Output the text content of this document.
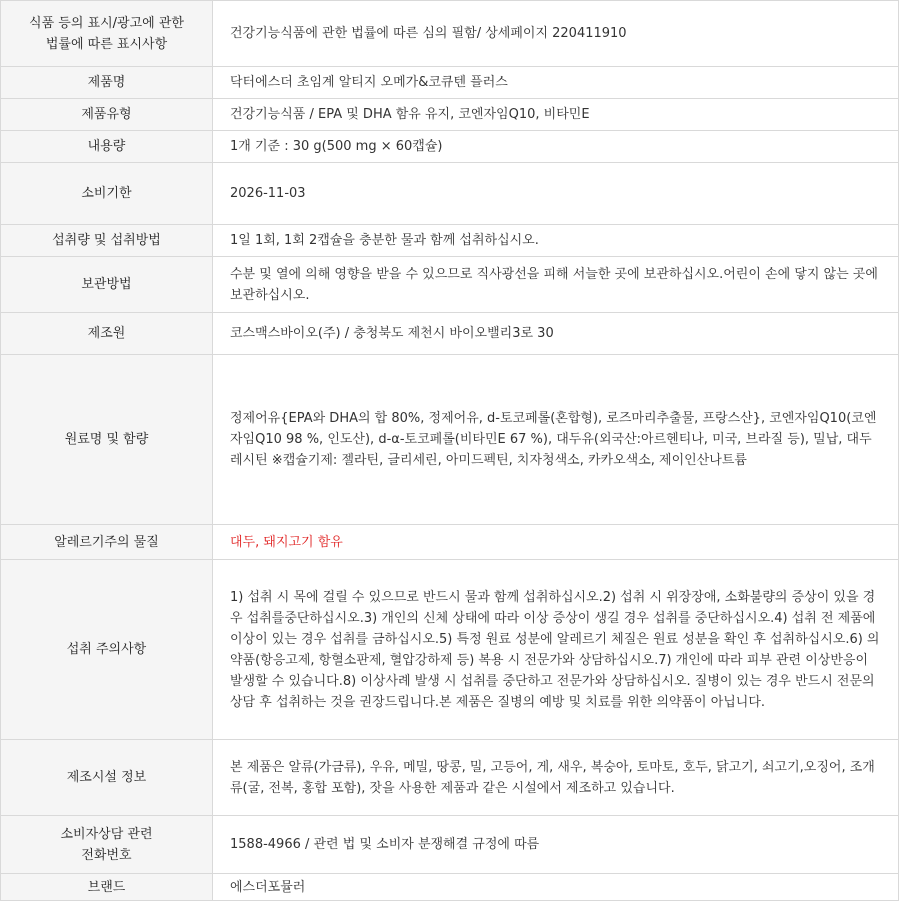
식품 등의 표시/광고에 관한
법률에 따른 표시사항	건강기능식품에 관한 법률에 따른 심의 필함/ 상세페이지 220411910
제품명	닥터에스더 초임계 알티지 오메가&코큐텐 플러스
제품유형	건강기능식품 / EPA 및 DHA 함유 유지, 코엔자임Q10, 비타민E
내용량	1개 기준 : 30 g(500 mg × 60캡슐)
소비기한	2026-11-03
섭취량 및 섭취방법	1일 1회, 1회 2캡슐을 충분한 물과 함께 섭취하십시오.
보관방법	수분 및 열에 의해 영향을 받을 수 있으므로 직사광선을 피해 서늘한 곳에 보관하십시오.어린이 손에 닿지 않는 곳에 보관하십시오.
제조원	코스맥스바이오(주) / 충청북도 제천시 바이오밸리3로 30
원료명 및 함량	정제어유{EPA와 DHA의 합 80%, 정제어유, d-토코페롤(혼합형), 로즈마리추출물, 프랑스산}, 코엔자임Q10(코엔자임Q10 98 %, 인도산), d-α-토코페롤(비타민E 67 %), 대두유(외국산:아르헨티나, 미국, 브라질 등), 밀납, 대두레시틴 ※캡슐기제: 젤라틴, 글리세린, 아미드펙틴, 치자청색소, 카카오색소, 제이인산나트륨
알레르기주의 물질	대두, 돼지고기 함유
섭취 주의사항	1) 섭취 시 목에 걸릴 수 있으므로 반드시 물과 함께 섭취하십시오.2) 섭취 시 위장장애, 소화불량의 증상이 있을 경우 섭취를중단하십시오.3) 개인의 신체 상태에 따라 이상 증상이 생길 경우 섭취를 중단하십시오.4) 섭취 전 제품에 이상이 있는 경우 섭취를 금하십시오.5) 특정 원료 성분에 알레르기 체질은 원료 성분을 확인 후 섭취하십시오.6) 의약품(항응고제, 항혈소판제, 혈압강하제 등) 복용 시 전문가와 상담하십시오.7) 개인에 따라 피부 관련 이상반응이 발생할 수 있습니다.8) 이상사례 발생 시 섭취를 중단하고 전문가와 상담하십시오. 질병이 있는 경우 반드시 전문의 상담 후 섭취하는 것을 권장드립니다.본 제품은 질병의 예방 및 치료를 위한 의약품이 아닙니다.
제조시설 정보	본 제품은 알류(가금류), 우유, 메밀, 땅콩, 밀, 고등어, 게, 새우, 복숭아, 토마토, 호두, 닭고기, 쇠고기,오징어, 조개류(굴, 전복, 홍합 포함), 잣을 사용한 제품과 같은 시설에서 제조하고 있습니다.
소비자상담 관련
전화번호	1588-4966 / 관련 법 및 소비자 분쟁해결 규정에 따름
브랜드	에스더포뮬러
